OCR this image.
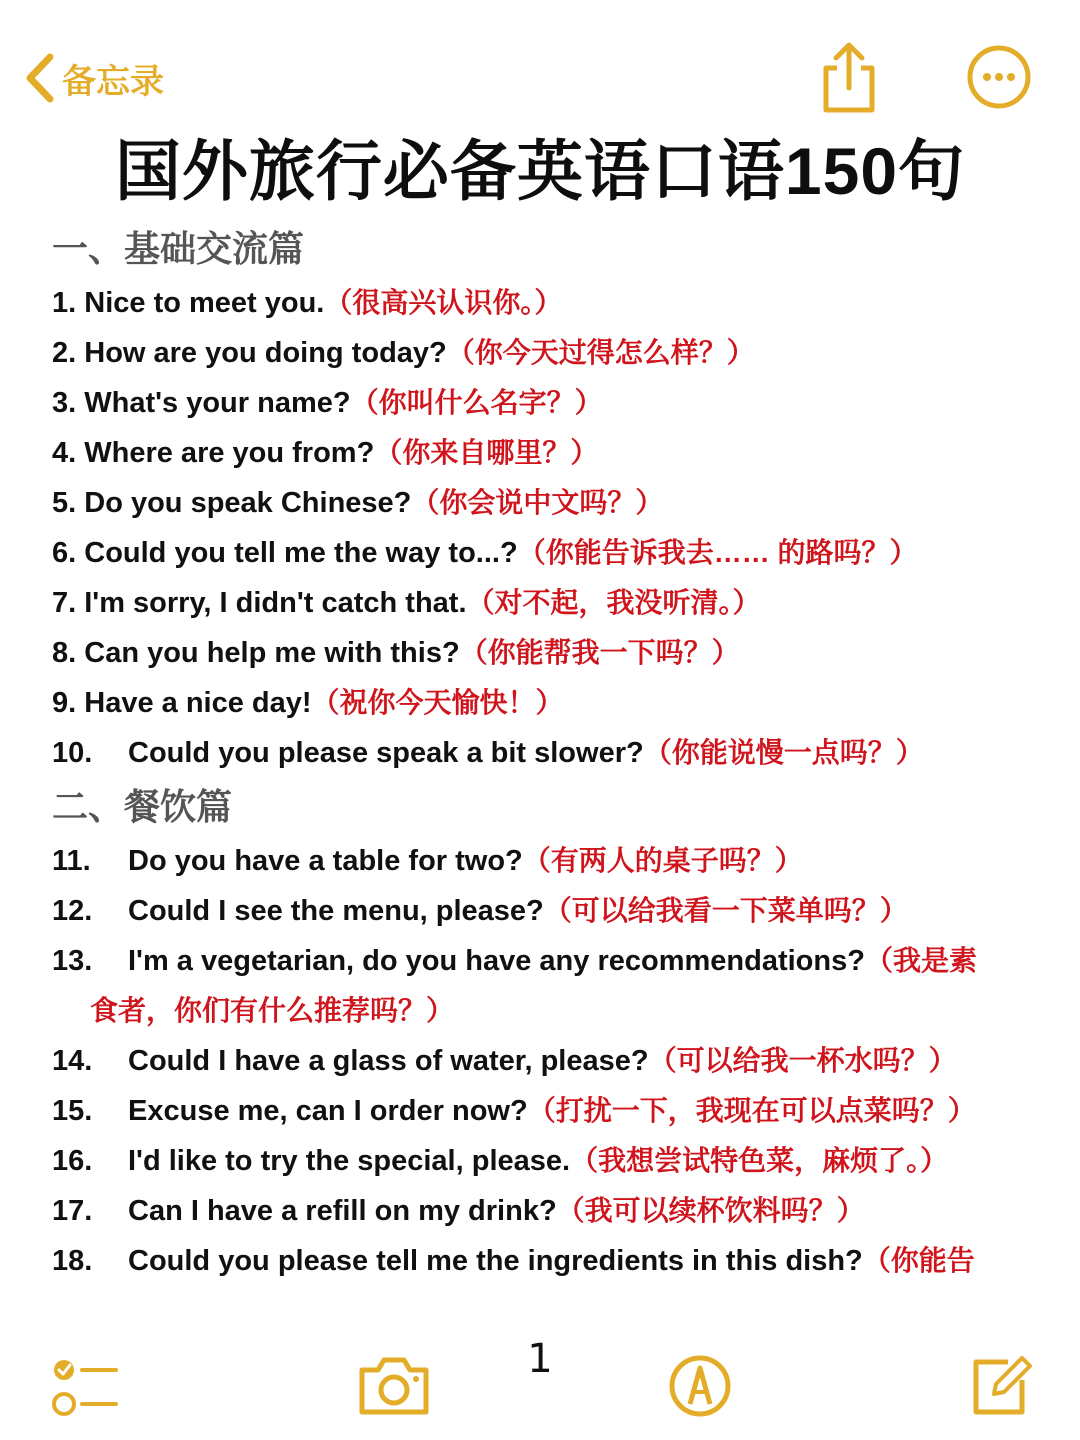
备忘录
国外旅行必备英语口语150句
一、基础交流篇
1. Nice to meet you.（很高兴认识你。）
2. How are you doing today?（你今天过得怎么样？）
3. What's your name?（你叫什么名字？）
4. Where are you from?（你来自哪里？）
5. Do you speak Chinese?（你会说中文吗？）
6. Could you tell me the way to...?（你能告诉我去…… 的路吗？）
7. I'm sorry, I didn't catch that.（对不起，我没听清。）
8. Can you help me with this?（你能帮我一下吗？）
9. Have a nice day!（祝你今天愉快！）
10.	Could you please speak a bit slower?（你能说慢一点吗？）
二、餐饮篇
11.	Do you have a table for two?（有两人的桌子吗？）
12.	Could I see the menu, please?（可以给我看一下菜单吗？）
13.	I'm a vegetarian, do you have any recommendations?（我是素
食者，你们有什么推荐吗？）
14.	Could I have a glass of water, please?（可以给我一杯水吗？）
15.	Excuse me, can I order now?（打扰一下，我现在可以点菜吗？）
16.	I'd like to try the special, please.（我想尝试特色菜，麻烦了。）
17.	Can I have a refill on my drink?（我可以续杯饮料吗？）
18.	Could you please tell me the ingredients in this dish?（你能告
1
